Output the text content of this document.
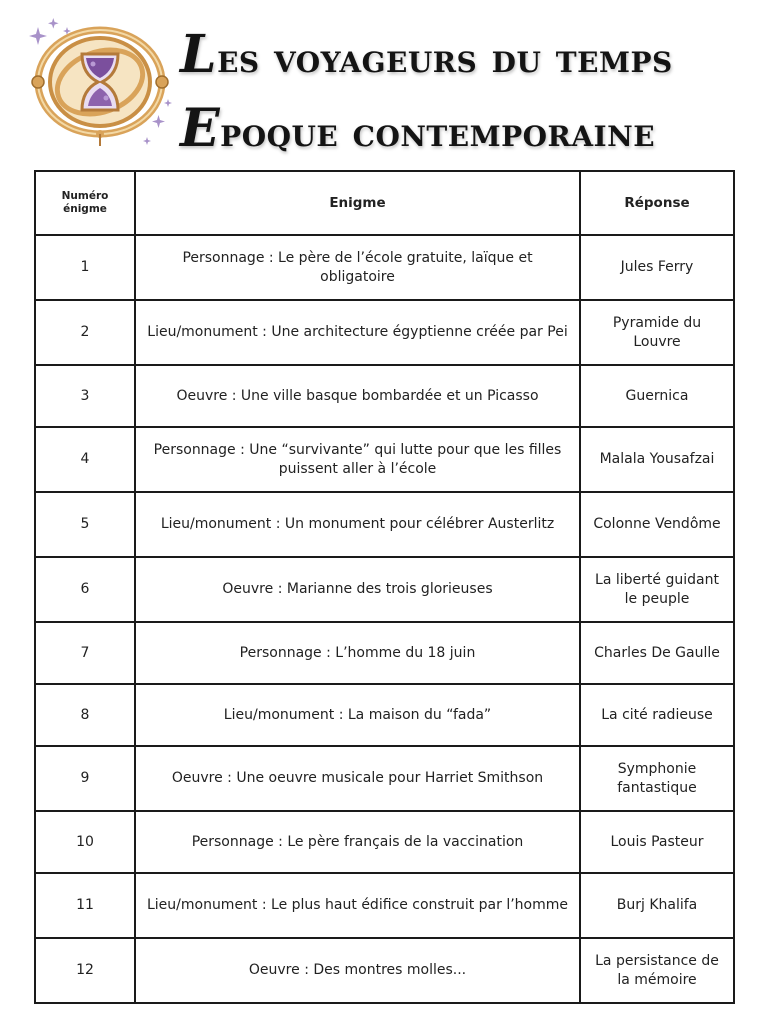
Les voyageurs du temps
Epoque contemporaine
Numéro énigme	Enigme	Réponse
1	Personnage : Le père de l’école gratuite, laïque et obligatoire	Jules Ferry
2	Lieu/monument : Une architecture égyptienne créée par Pei	Pyramide du Louvre
3	Oeuvre : Une ville basque bombardée et un Picasso	Guernica
4	Personnage : Une “survivante” qui lutte pour que les filles puissent aller à l’école	Malala Yousafzai
5	Lieu/monument : Un monument pour célébrer Austerlitz	Colonne Vendôme
6	Oeuvre : Marianne des trois glorieuses	La liberté guidant le peuple
7	Personnage : L’homme du 18 juin	Charles De Gaulle
8	Lieu/monument : La maison du “fada”	La cité radieuse
9	Oeuvre : Une oeuvre musicale pour Harriet Smithson	Symphonie fantastique
10	Personnage : Le père français de la vaccination	Louis Pasteur
11	Lieu/monument : Le plus haut édifice construit par l’homme	Burj Khalifa
12	Oeuvre : Des montres molles...	La persistance de la mémoire
